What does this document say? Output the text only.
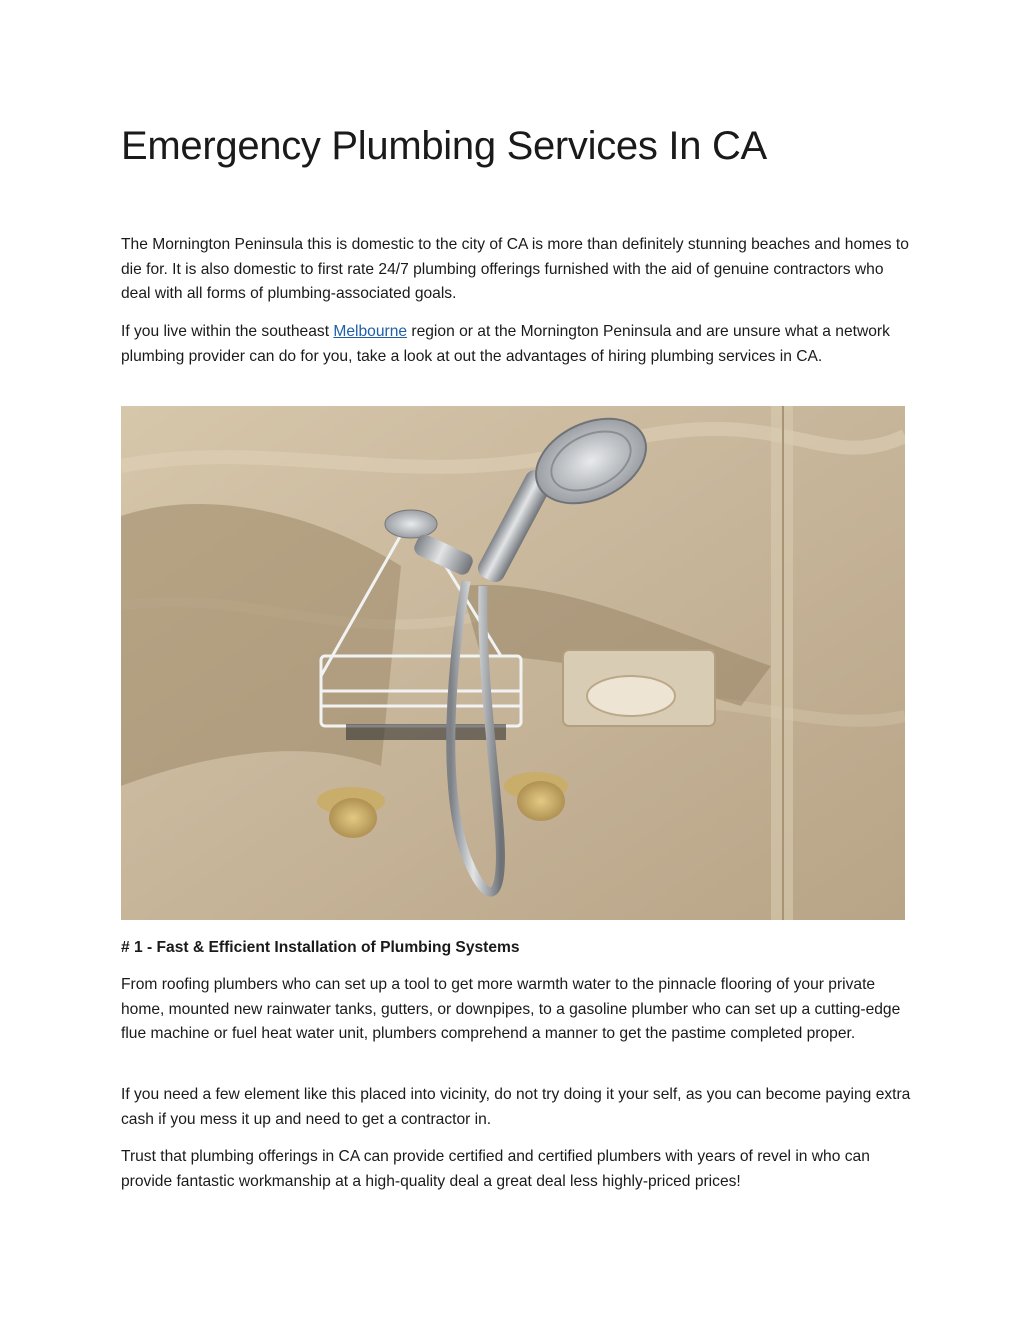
Emergency Plumbing Services In CA

The Mornington Peninsula this is domestic to the city of CA is more than definitely stunning beaches and homes to die for. It is also domestic to first rate 24/7 plumbing offerings furnished with the aid of genuine contractors who deal with all forms of plumbing-associated goals.

If you live within the southeast Melbourne region or at the Mornington Peninsula and are unsure what a network plumbing provider can do for you, take a look at out the advantages of hiring plumbing services in CA.

# 1 - Fast & Efficient Installation of Plumbing Systems

From roofing plumbers who can set up a tool to get more warmth water to the pinnacle flooring of your private home, mounted new rainwater tanks, gutters, or downpipes, to a gasoline plumber who can set up a cutting-edge flue machine or fuel heat water unit, plumbers comprehend a manner to get the pastime completed proper.

If you need a few element like this placed into vicinity, do not try doing it your self, as you can become paying extra cash if you mess it up and need to get a contractor in.

Trust that plumbing offerings in CA can provide certified and certified plumbers with years of revel in who can provide fantastic workmanship at a high-quality deal a great deal less highly-priced prices!
